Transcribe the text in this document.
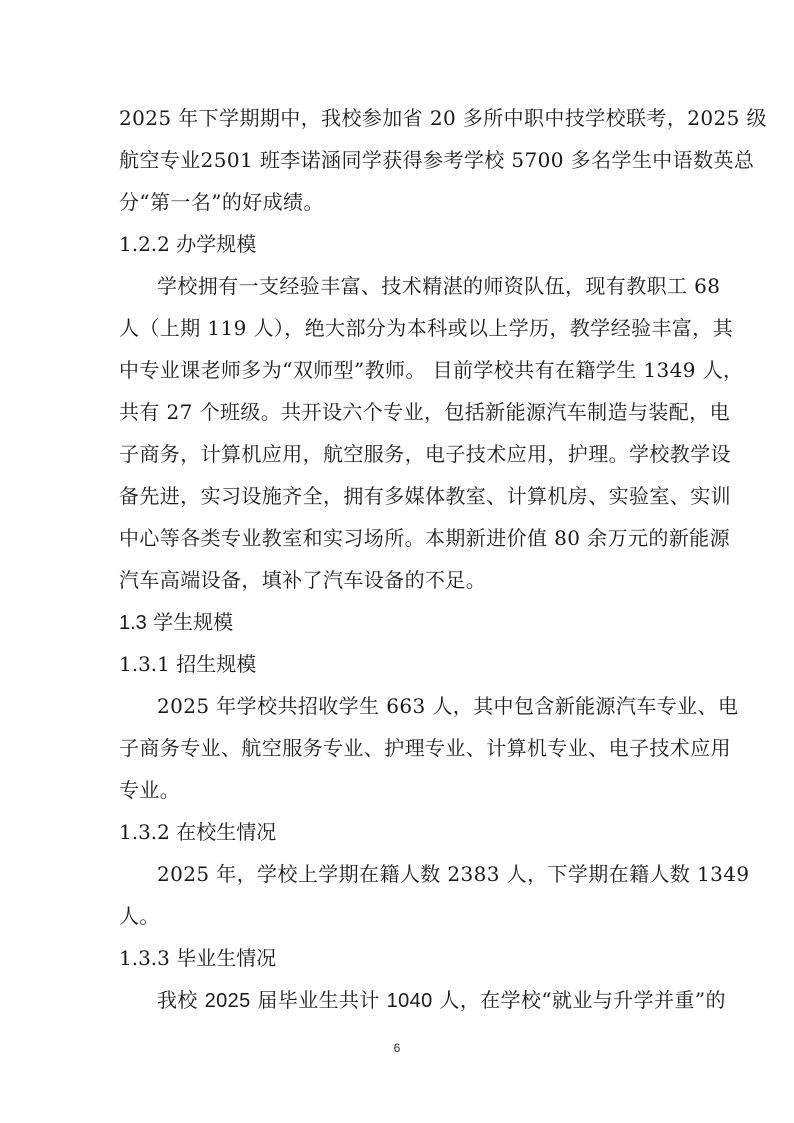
2025 年下学期期中，我校参加省 20 多所中职中技学校联考，2025 级
航空专业2501 班李诺涵同学获得参考学校 5700 多名学生中语数英总
分“第一名”的好成绩。
1.2.2 办学规模
学校拥有一支经验丰富、技术精湛的师资队伍，现有教职工 68
人（上期 119 人），绝大部分为本科或以上学历，教学经验丰富，其
中专业课老师多为“双师型”教师。 目前学校共有在籍学生 1349 人，
共有 27 个班级。共开设六个专业，包括新能源汽车制造与装配，电
子商务，计算机应用，航空服务，电子技术应用，护理。学校教学设
备先进，实习设施齐全，拥有多媒体教室、计算机房、实验室、实训
中心等各类专业教室和实习场所。本期新进价值 80 余万元的新能源
汽车高端设备，填补了汽车设备的不足。
1.3 学生规模
1.3.1 招生规模
2025 年学校共招收学生 663 人，其中包含新能源汽车专业、电
子商务专业、航空服务专业、护理专业、计算机专业、电子技术应用
专业。
1.3.2 在校生情况
2025 年，学校上学期在籍人数 2383 人，下学期在籍人数 1349
人。
1.3.3 毕业生情况
我校 2025 届毕业生共计 1040 人，在学校“就业与升学并重”的
6
